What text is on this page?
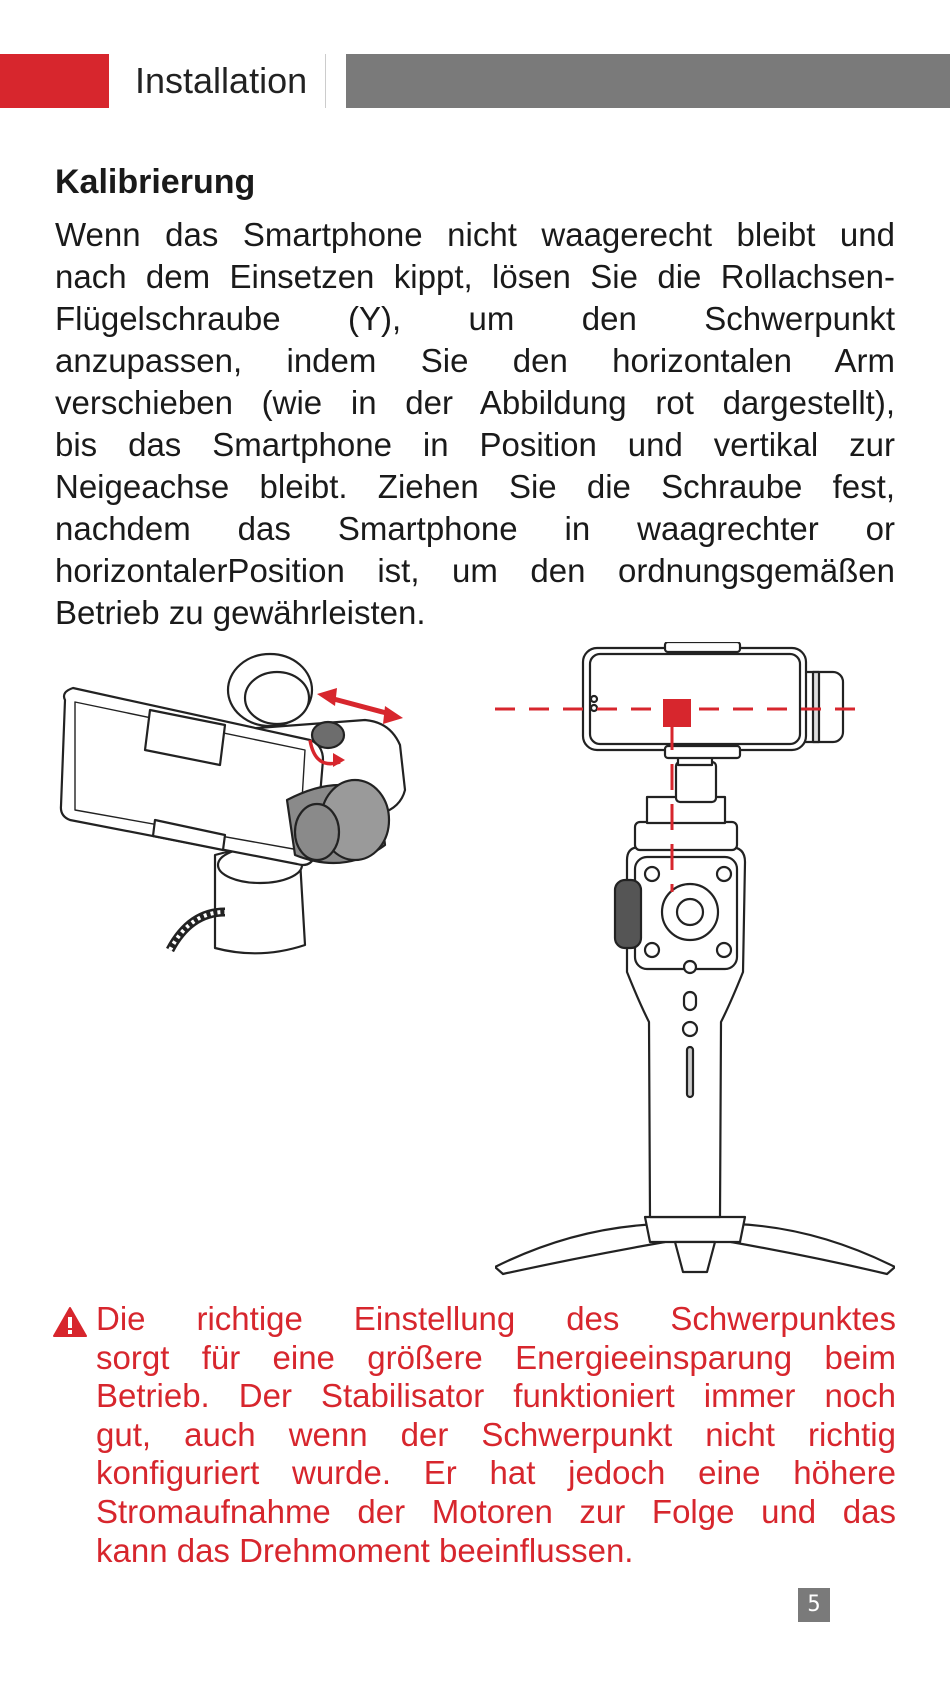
Installation
Kalibrierung

Wenn das Smartphone nicht waagerecht bleibt und

nach dem Einsetzen kippt, lösen Sie die Rollachsen-

Flügelschraube (Y), um den Schwerpunkt

anzupassen, indem Sie den horizontalen Arm

verschieben (wie in der Abbildung rot dargestellt),

bis das Smartphone in Position und vertikal zur

Neigeachse bleibt. Ziehen Sie die Schraube fest,

nachdem das Smartphone in waagrechter or

horizontalerPosition ist, um den ordnungsgemäßen

Betrieb zu gewährleisten.

Die richtige Einstellung des Schwerpunktes

sorgt für eine größere Energieeinsparung beim

Betrieb. Der Stabilisator funktioniert immer noch

gut, auch wenn der Schwerpunkt nicht richtig

konfiguriert wurde. Er hat jedoch eine höhere

Stromaufnahme der Motoren zur Folge und das

kann das Drehmoment beeinflussen.

5
